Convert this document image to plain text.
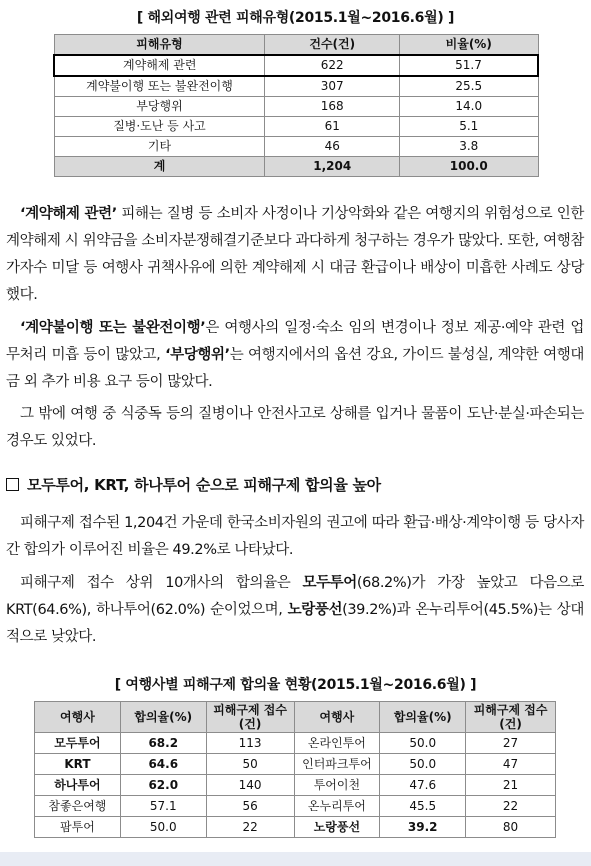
[ 해외여행 관련 피해유형(2015.1월~2016.6월) ]
피해유형	건수(건)	비율(%)
계약해제 관련	622	51.7
계약불이행 또는 불완전이행	307	25.5
부당행위	168	14.0
질병·도난 등 사고	61	5.1
기타	46	3.8
계	1,204	100.0
‘계약해제 관련’ 피해는 질병 등 소비자 사정이나 기상악화와 같은 여행지의 위험성으로 인한 계약해제 시 위약금을 소비자분쟁해결기준보다 과다하게 청구하는 경우가 많았다. 또한, 여행참가자수 미달 등 여행사 귀책사유에 의한 계약해제 시 대금 환급이나 배상이 미흡한 사례도 상당했다.
‘계약불이행 또는 불완전이행’은 여행사의 일정·숙소 임의 변경이나 정보 제공·예약 관련 업무처리 미흡 등이 많았고, ‘부당행위’는 여행지에서의 옵션 강요, 가이드 불성실, 계약한 여행대금 외 추가 비용 요구 등이 많았다.
그 밖에 여행 중 식중독 등의 질병이나 안전사고로 상해를 입거나 물품이 도난·분실·파손되는 경우도 있었다.
모두투어, KRT, 하나투어 순으로 피해구제 합의율 높아
피해구제 접수된 1,204건 가운데 한국소비자원의 권고에 따라 환급·배상·계약이행 등 당사자간 합의가 이루어진 비율은 49.2%로 나타났다.
피해구제 접수 상위 10개사의 합의율은 모두투어(68.2%)가 가장 높았고 다음으로 KRT(64.6%), 하나투어(62.0%) 순이었으며, 노랑풍선(39.2%)과 온누리투어(45.5%)는 상대적으로 낮았다.
[ 여행사별 피해구제 합의율 현황(2015.1월~2016.6월) ]
여행사	합의율(%)	피해구제 접수(건)	여행사	합의율(%)	피해구제 접수(건)
모두투어	68.2	113	온라인투어	50.0	27
KRT	64.6	50	인터파크투어	50.0	47
하나투어	62.0	140	투어이천	47.6	21
참좋은여행	57.1	56	온누리투어	45.5	22
팜투어	50.0	22	노랑풍선	39.2	80
